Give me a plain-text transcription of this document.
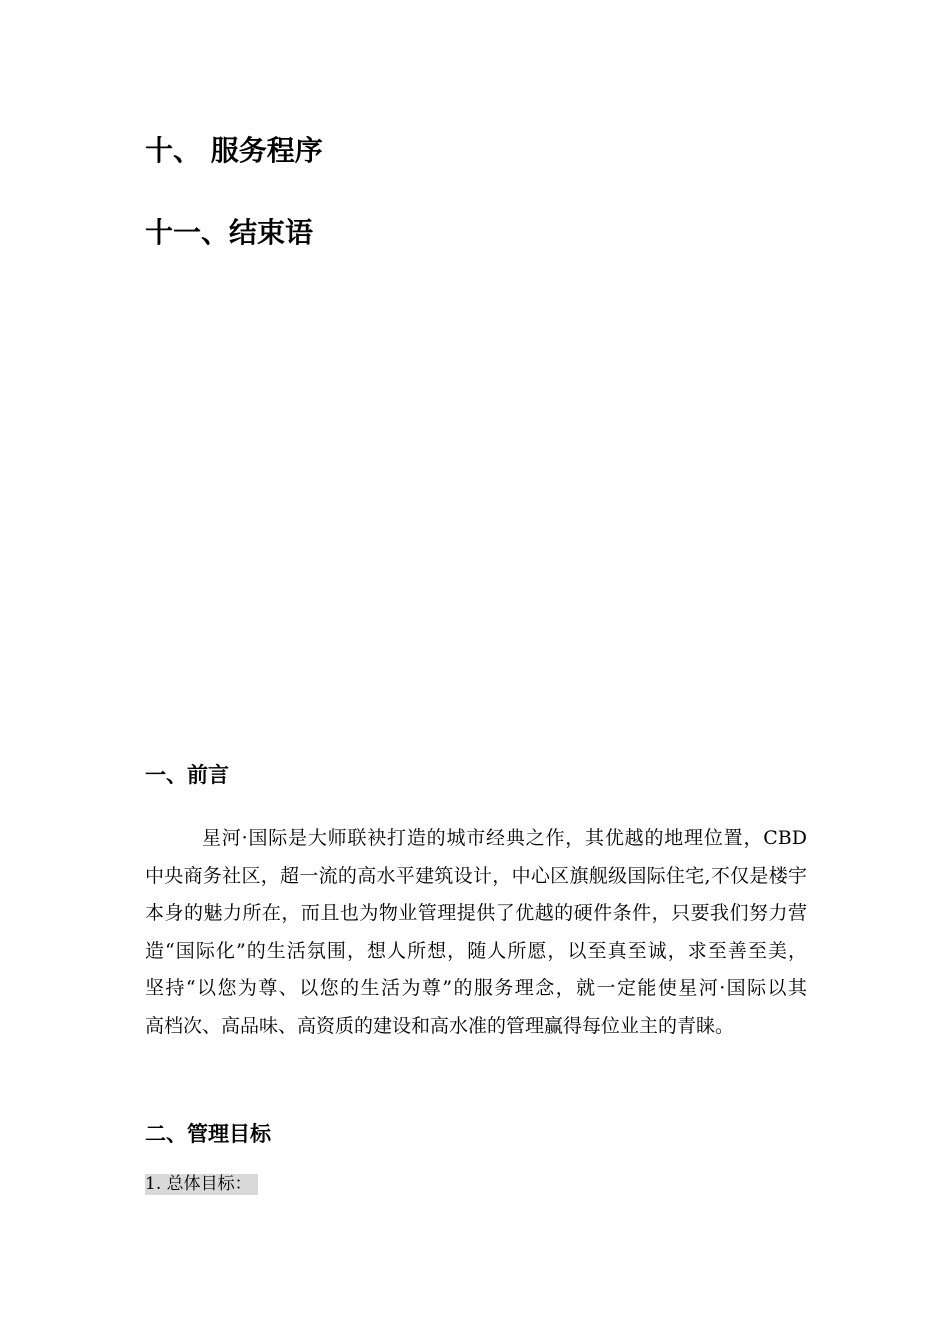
十、 服务程序
十一、结束语
一、前言
星河·国际是大师联袂打造的城市经典之作，其优越的地理位置，CBD
中央商务社区，超一流的高水平建筑设计，中心区旗舰级国际住宅,不仅是楼宇
本身的魅力所在，而且也为物业管理提供了优越的硬件条件，只要我们努力营
造“国际化”的生活氛围，想人所想，随人所愿，以至真至诚，求至善至美，
坚持“以您为尊、以您的生活为尊”的服务理念，就一定能使星河·国际以其
高档次、高品味、高资质的建设和高水准的管理赢得每位业主的青睐。
二、管理目标
1. 总体目标：
